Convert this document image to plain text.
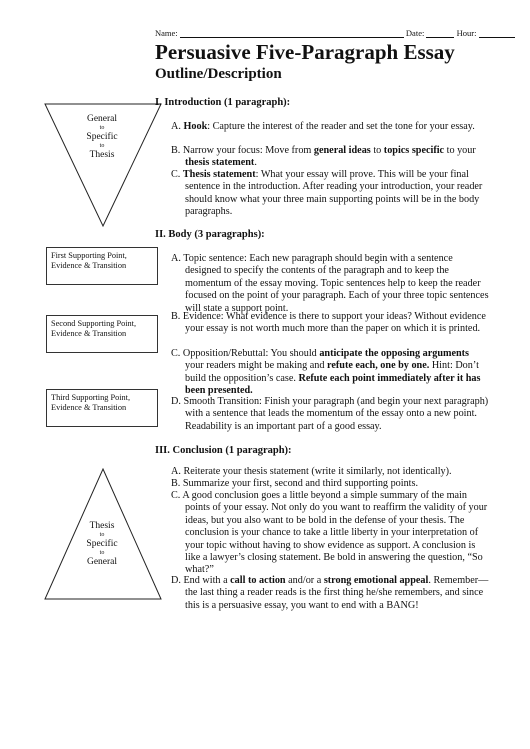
Name:	Date:	Hour:
Persuasive Five-Paragraph Essay
Outline/Description
General
to
Specific
to
Thesis
I. Introduction (1 paragraph):
A. Hook: Capture the interest of the reader and set the tone for your essay.
B. Narrow your focus: Move from general ideas to topics specific to your thesis statement.
C. Thesis statement: What your essay will prove. This will be your final sentence in the introduction. After reading your introduction, your reader should know what your three main supporting points will be in the body paragraphs.
II. Body (3 paragraphs):
First Supporting Point, Evidence & Transition
Second Supporting Point, Evidence & Transition
Third Supporting Point, Evidence & Transition
A. Topic sentence: Each new paragraph should begin with a sentence designed to specify the contents of the paragraph and to keep the momentum of the essay moving. Topic sentences help to keep the reader focused on the point of your paragraph. Each of your three topic sentences will state a support point.
B. Evidence: What evidence is there to support your ideas? Without evidence your essay is not worth much more than the paper on which it is printed.
C. Opposition/Rebuttal: You should anticipate the opposing arguments your readers might be making and refute each, one by one. Hint: Don’t build the opposition’s case. Refute each point immediately after it has been presented.
D. Smooth Transition: Finish your paragraph (and begin your next paragraph) with a sentence that leads the momentum of the essay onto a new point. Readability is an important part of a good essay.
III. Conclusion (1 paragraph):
Thesis
to
Specific
to
General
A. Reiterate your thesis statement (write it similarly, not identically).
B. Summarize your first, second and third supporting points.
C. A good conclusion goes a little beyond a simple summary of the main points of your essay. Not only do you want to reaffirm the validity of your ideas, but you also want to be bold in the defense of your thesis. The conclusion is your chance to take a little liberty in your interpretation of your topic without having to show evidence as support. A conclusion is like a lawyer’s closing statement. Be bold in answering the question, “So what?”
D. End with a call to action and/or a strong emotional appeal. Remember—the last thing a reader reads is the first thing he/she remembers, and since this is a persuasive essay, you want to end with a BANG!
